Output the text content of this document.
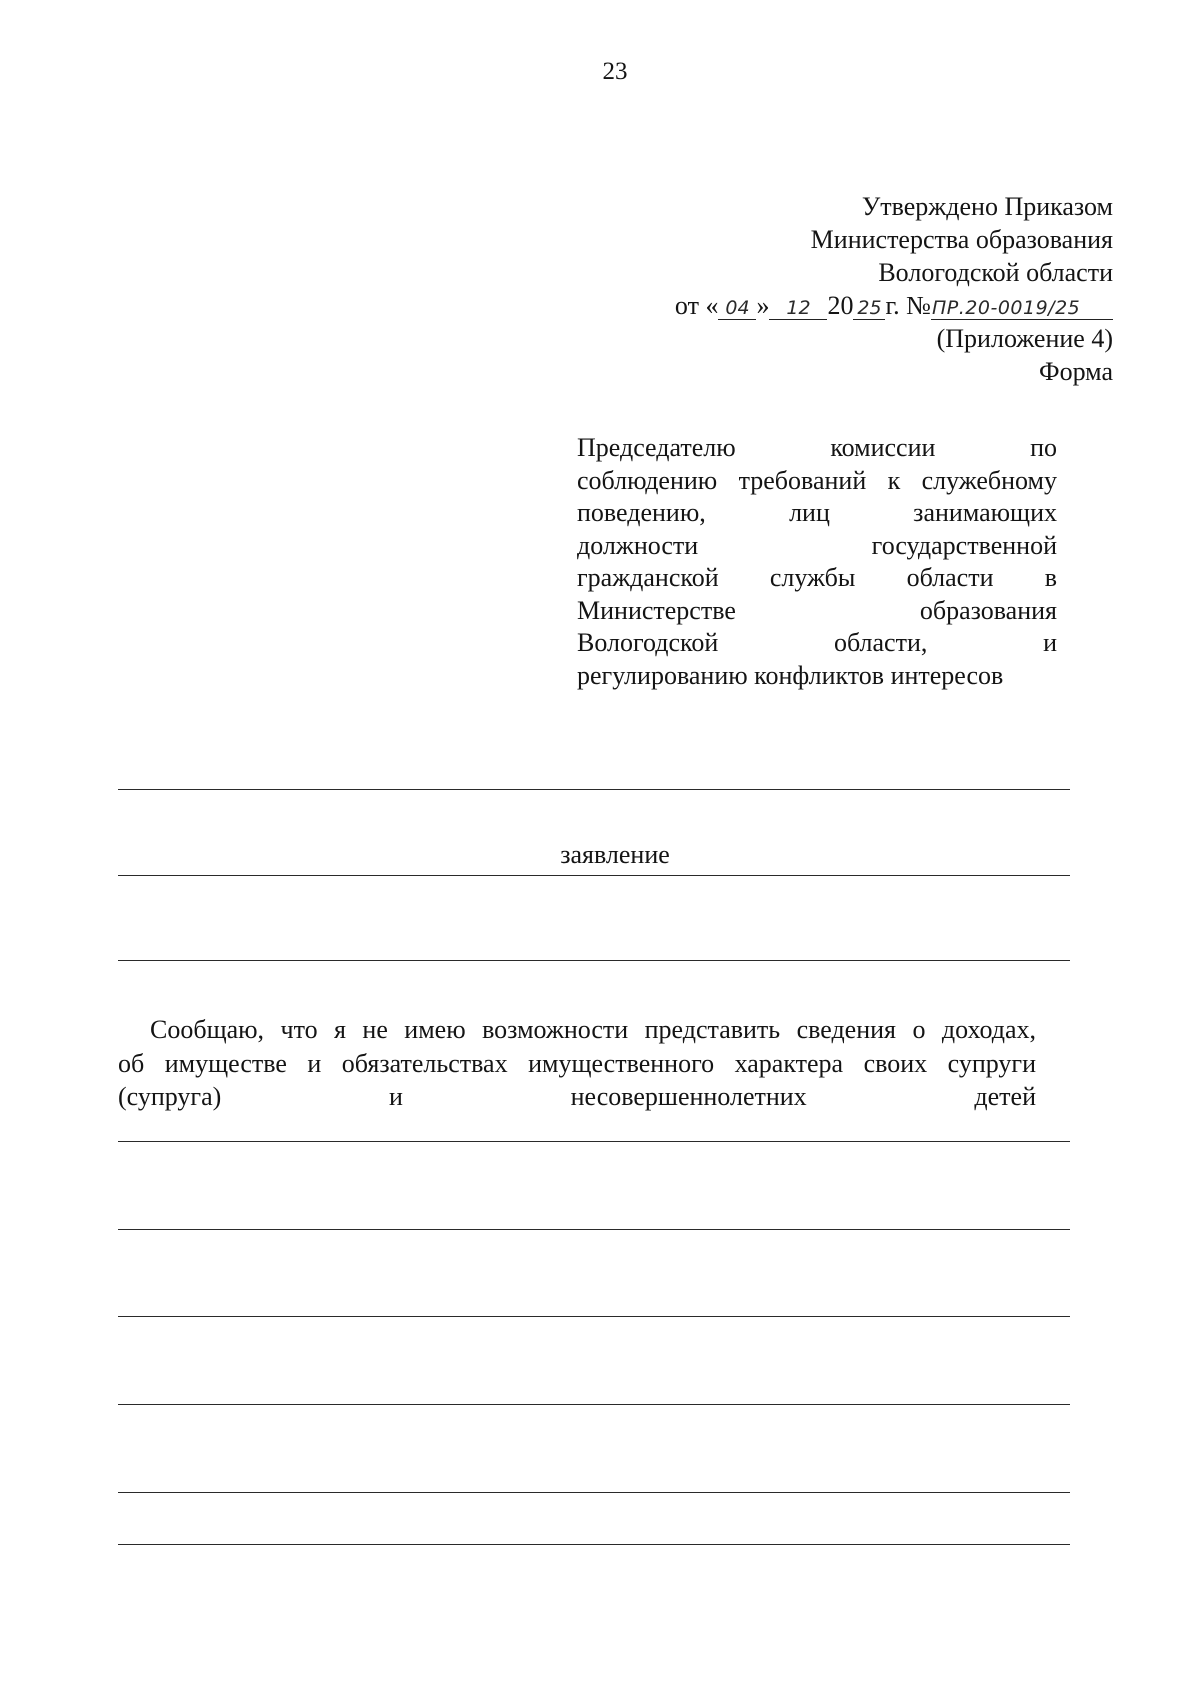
23
Утверждено Приказом
Министерства образования
Вологодской области
от « 04 » 12 20 25 г. №ПР.20-0019/25
(Приложение 4)
Форма
Председателю комиссии по
соблюдению требований к служебному
поведению, лиц занимающих
должности государственной
гражданской службы области в
Министерстве образования
Вологодской области, и
регулированию конфликтов интересов
заявление
Сообщаю, что я не имею возможности представить сведения о доходах,
об имуществе и обязательствах имущественного характера своих супруги
(супруга) и несовершеннолетних детей
